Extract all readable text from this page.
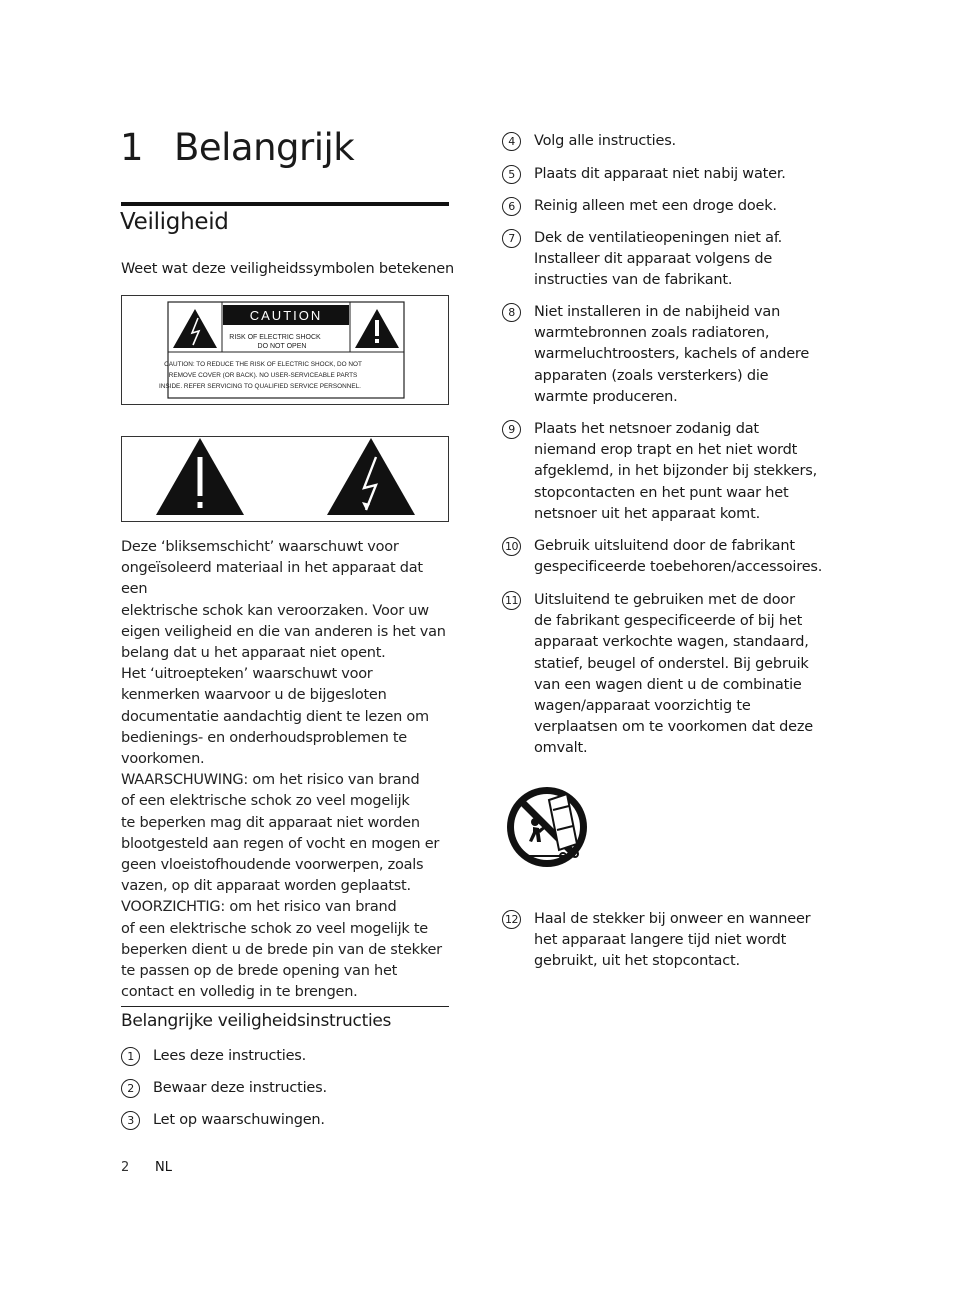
1 Belangrijk
Veiligheid
Weet wat deze veiligheidssymbolen betekenen
CAUTION
RISK OF ELECTRIC SHOCK
DO NOT OPEN
CAUTION: TO REDUCE THE RISK OF ELECTRIC SHOCK, DO NOT
REMOVE COVER (OR BACK). NO USER-SERVICEABLE PARTS
INSIDE. REFER SERVICING TO QUALIFIED SERVICE PERSONNEL.

Deze ‘bliksemschicht’ waarschuwt voor

ongeïsoleerd materiaal in het apparaat dat een

elektrische schok kan veroorzaken. Voor uw

eigen veiligheid en die van anderen is het van

belang dat u het apparaat niet opent.

Het ‘uitroepteken’ waarschuwt voor

kenmerken waarvoor u de bijgesloten

documentatie aandachtig dient te lezen om

bedienings- en onderhoudsproblemen te

voorkomen.

WAARSCHUWING: om het risico van brand

of een elektrische schok zo veel mogelijk

te beperken mag dit apparaat niet worden

blootgesteld aan regen of vocht en mogen er

geen vloeistofhoudende voorwerpen, zoals

vazen, op dit apparaat worden geplaatst.

VOORZICHTIG: om het risico van brand

of een elektrische schok zo veel mogelijk te

beperken dient u de brede pin van de stekker

te passen op de brede opening van het

contact en volledig in te brengen.

Belangrijke veiligheidsinstructies
1	Lees deze instructies.
2	Bewaar deze instructies.
3	Let op waarschuwingen.
4	Volg alle instructies.
5	Plaats dit apparaat niet nabij water.
6	Reinig alleen met een droge doek.
7	Dek de ventilatieopeningen niet af.
Installeer dit apparaat volgens de
instructies van de fabrikant.
8	Niet installeren in de nabijheid van
warmtebronnen zoals radiatoren,
warmeluchtroosters, kachels of andere
apparaten (zoals versterkers) die
warmte produceren.
9	Plaats het netsnoer zodanig dat
niemand erop trapt en het niet wordt
afgeklemd, in het bijzonder bij stekkers,
stopcontacten en het punt waar het
netsnoer uit het apparaat komt.
10 Gebruik uitsluitend door de fabrikant
gespecificeerde toebehoren/accessoires.
11 Uitsluitend te gebruiken met de door
de fabrikant gespecificeerde of bij het
apparaat verkochte wagen, standaard,
statief, beugel of onderstel. Bij gebruik
van een wagen dient u de combinatie
wagen/apparaat voorzichtig te
verplaatsen om te voorkomen dat deze
omvalt.
12 Haal de stekker bij onweer en wanneer
het apparaat langere tijd niet wordt
gebruikt, uit het stopcontact.
2 NL
